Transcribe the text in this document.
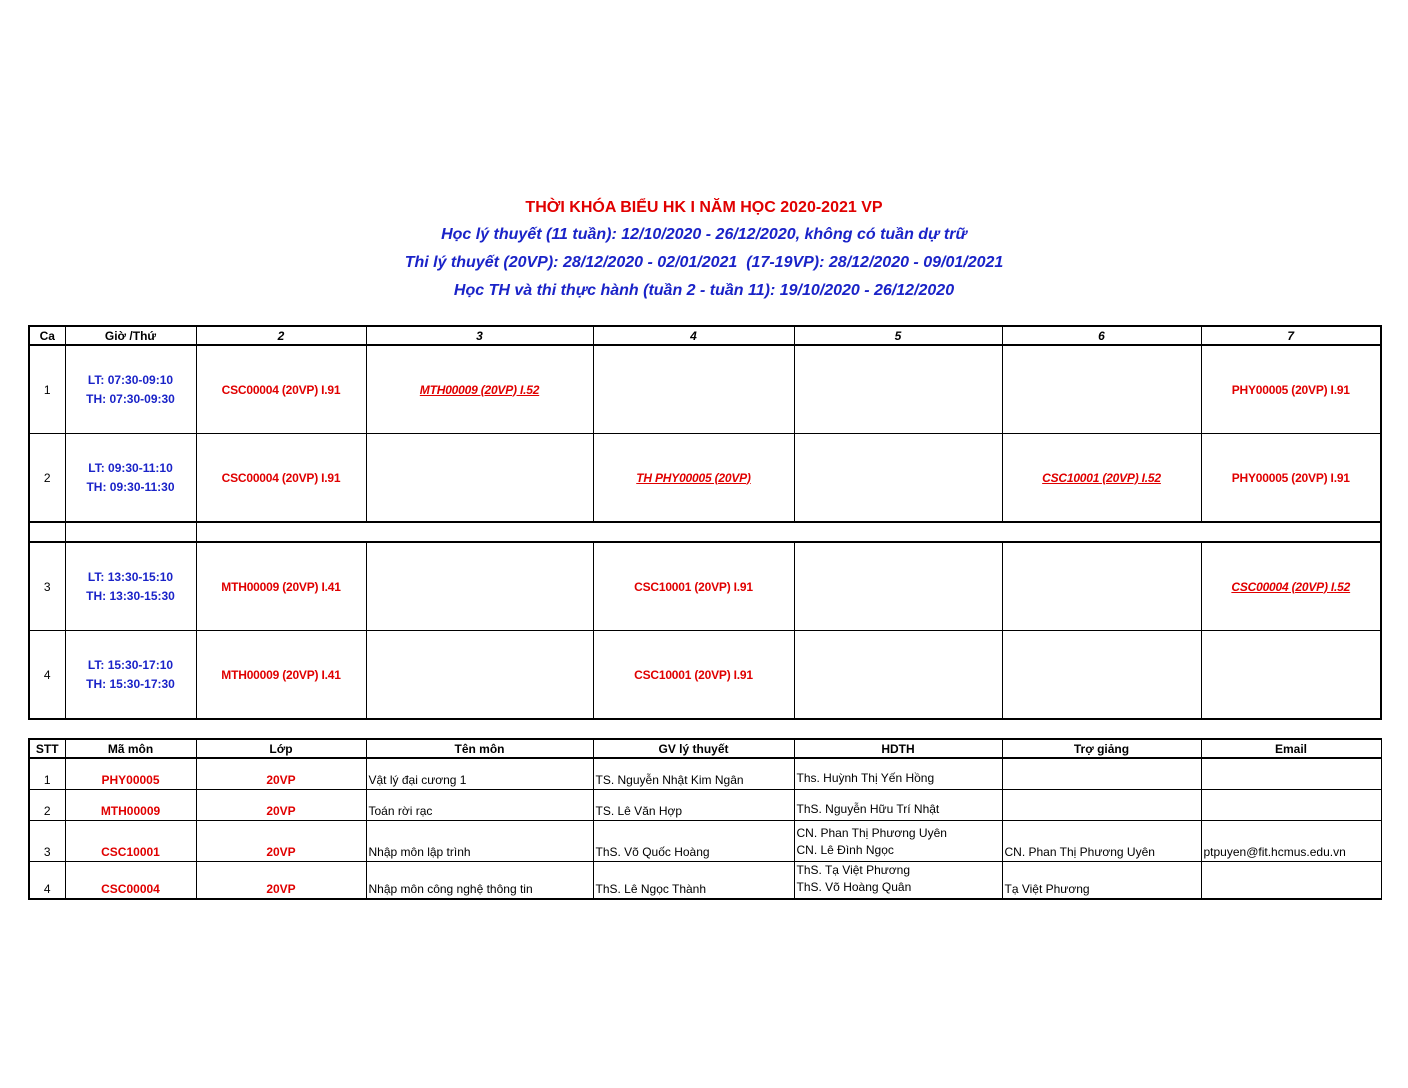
THỜI KHÓA BIỂU HK I NĂM HỌC 2020-2021 VP
Học lý thuyết (11 tuần): 12/10/2020 - 26/12/2020, không có tuần dự trữ
Thi lý thuyết (20VP): 28/12/2020 - 02/01/2021  (17-19VP): 28/12/2020 - 09/01/2021
Học TH và thi thực hành (tuần 2 - tuần 11): 19/10/2020 - 26/12/2020
Ca	Giờ /Thứ	2	3	4	5	6	7
1	LT: 07:30-09:10
TH: 07:30-09:30	CSC00004 (20VP) I.91	MTH00009 (20VP) I.52				PHY00005 (20VP) I.91
2	LT: 09:30-11:10
TH: 09:30-11:30	CSC00004 (20VP) I.91		TH PHY00005 (20VP)		CSC10001 (20VP) I.52	PHY00005 (20VP) I.91

3	LT: 13:30-15:10
TH: 13:30-15:30	MTH00009 (20VP) I.41		CSC10001 (20VP) I.91			CSC00004 (20VP) I.52
4	LT: 15:30-17:10
TH: 15:30-17:30	MTH00009 (20VP) I.41		CSC10001 (20VP) I.91			
STT	Mã môn	Lớp	Tên môn	GV lý thuyết	HDTH	Trợ giảng	Email
1	PHY00005	20VP	Vật lý đại cương 1	TS. Nguyễn Nhật Kim Ngân	Ths. Huỳnh Thị Yến Hồng		

2	MTH00009	20VP	Toán rời rạc	TS. Lê Văn Hợp	ThS. Nguyễn Hữu Trí Nhật		

3	CSC10001	20VP	Nhập môn lập trình	ThS. Võ Quốc Hoàng	CN. Phan Thị Phương Uyên
CN. Lê Đình Ngọc	CN. Phan Thị Phương Uyên	ptpuyen@fit.hcmus.edu.vn
4	CSC00004	20VP	Nhập môn công nghệ thông tin	ThS. Lê Ngọc Thành	ThS. Tạ Việt Phương
ThS. Võ Hoàng Quân	Tạ Việt Phương	
